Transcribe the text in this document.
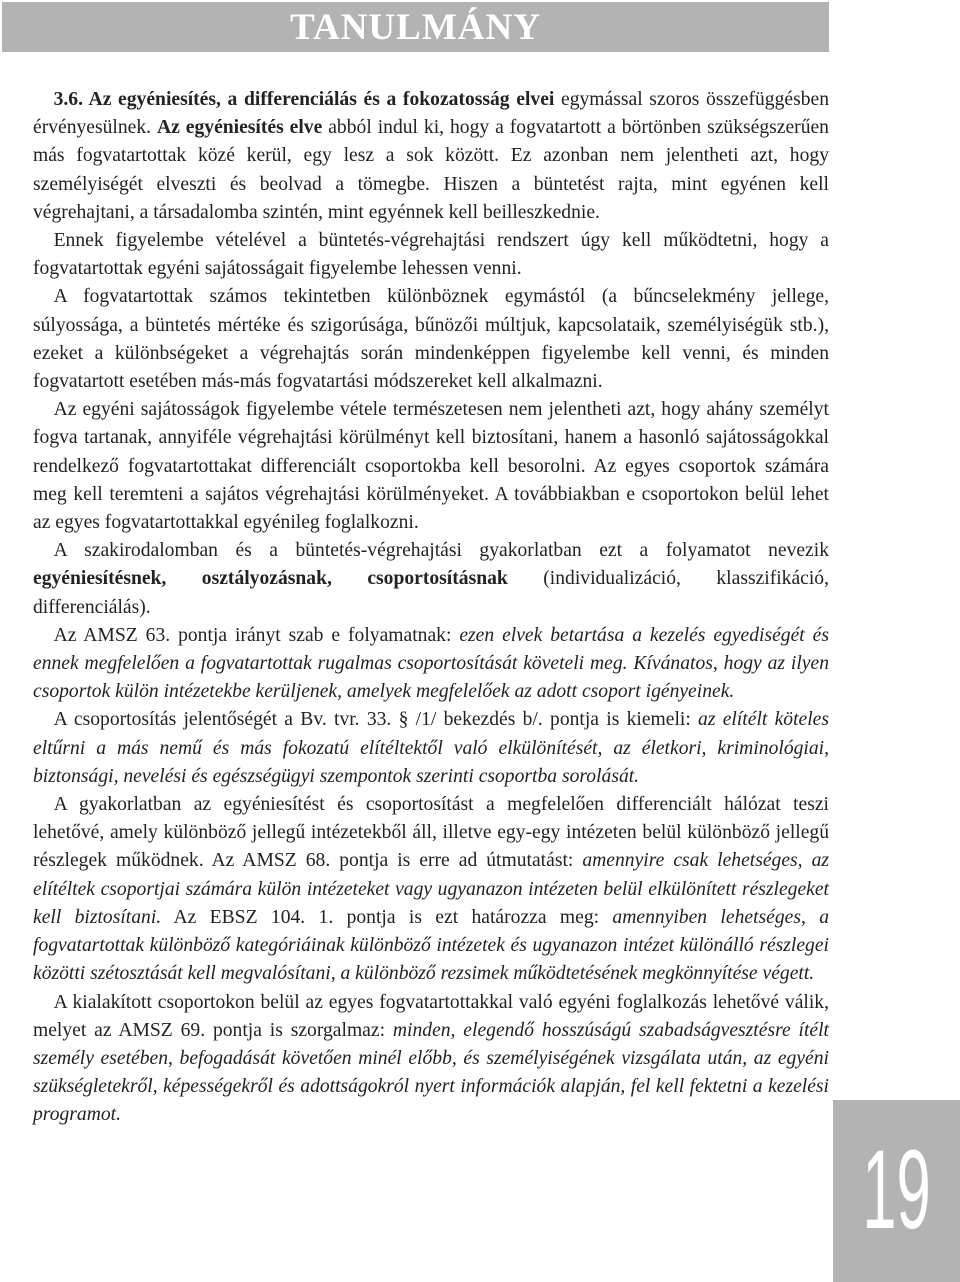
TANULMÁNY

3.6. Az egyéniesítés, a differenciálás és a fokozatosság elvei egymással szoros összefüggésben érvényesülnek. Az egyéniesítés elve abból indul ki, hogy a fogvatartott a börtönben szükségszerűen más fogvatartottak közé kerül, egy lesz a sok között. Ez azonban nem jelentheti azt, hogy személyiségét elveszti és beolvad a tömegbe. Hiszen a büntetést rajta, mint egyénen kell végrehajtani, a társadalomba szintén, mint egyénnek kell beilleszkednie.

Ennek figyelembe vételével a büntetés-végrehajtási rendszert úgy kell működtetni, hogy a fogvatartottak egyéni sajátosságait figyelembe lehessen venni.

A fogvatartottak számos tekintetben különböznek egymástól (a bűncselekmény jellege, súlyossága, a büntetés mértéke és szigorúsága, bűnözői múltjuk, kapcsolataik, személyiségük stb.), ezeket a különbségeket a végrehajtás során mindenképpen figyelembe kell venni, és minden fogvatartott esetében más-más fogvatartási módszereket kell alkalmazni.

Az egyéni sajátosságok figyelembe vétele természetesen nem jelentheti azt, hogy ahány személyt fogva tartanak, annyiféle végrehajtási körülményt kell biztosítani, hanem a hasonló sajátosságokkal rendelkező fogvatartottakat differenciált csoportokba kell besorolni. Az egyes csoportok számára meg kell teremteni a sajátos végrehajtási körülményeket. A továbbiakban e csoportokon belül lehet az egyes fogvatartottakkal egyénileg foglalkozni.

A szakirodalomban és a büntetés-végrehajtási gyakorlatban ezt a folyamatot nevezik egyéniesítésnek, osztályozásnak, csoportosításnak (individualizáció, klasszifikáció, differenciálás).

Az AMSZ 63. pontja irányt szab e folyamatnak: ezen elvek betartása a kezelés egyediségét és ennek megfelelően a fogvatartottak rugalmas csoportosítását követeli meg. Kívánatos, hogy az ilyen csoportok külön intézetekbe kerüljenek, amelyek megfelelőek az adott csoport igényeinek.

A csoportosítás jelentőségét a Bv. tvr. 33. § /1/ bekezdés b/. pontja is kiemeli: az elítélt köteles eltűrni a más nemű és más fokozatú elítéltektől való elkülönítését, az életkori, kriminológiai, biztonsági, nevelési és egészségügyi szempontok szerinti csoportba sorolását.

A gyakorlatban az egyéniesítést és csoportosítást a megfelelően differenciált hálózat teszi lehetővé, amely különböző jellegű intézetekből áll, illetve egy-egy intézeten belül különböző jellegű részlegek működnek. Az AMSZ 68. pontja is erre ad útmutatást: amennyire csak lehetséges, az elítéltek csoportjai számára külön intézeteket vagy ugyanazon intézeten belül elkülönített részlegeket kell biztosítani. Az EBSZ 104. 1. pontja is ezt határozza meg: amennyiben lehetséges, a fogvatartottak különböző kategóriáinak különböző intézetek és ugyanazon intézet különálló részlegei közötti szétosztását kell megvalósítani, a különböző rezsimek működtetésének megkönnyítése végett.

A kialakított csoportokon belül az egyes fogvatartottakkal való egyéni foglalkozás lehetővé válik, melyet az AMSZ 69. pontja is szorgalmaz: minden, elegendő hosszúságú szabadságvesztésre ítélt személy esetében, befogadását követően minél előbb, és személyiségének vizsgálata után, az egyéni szükségletekről, képességekről és adottságokról nyert információk alapján, fel kell fektetni a kezelési programot.

19
